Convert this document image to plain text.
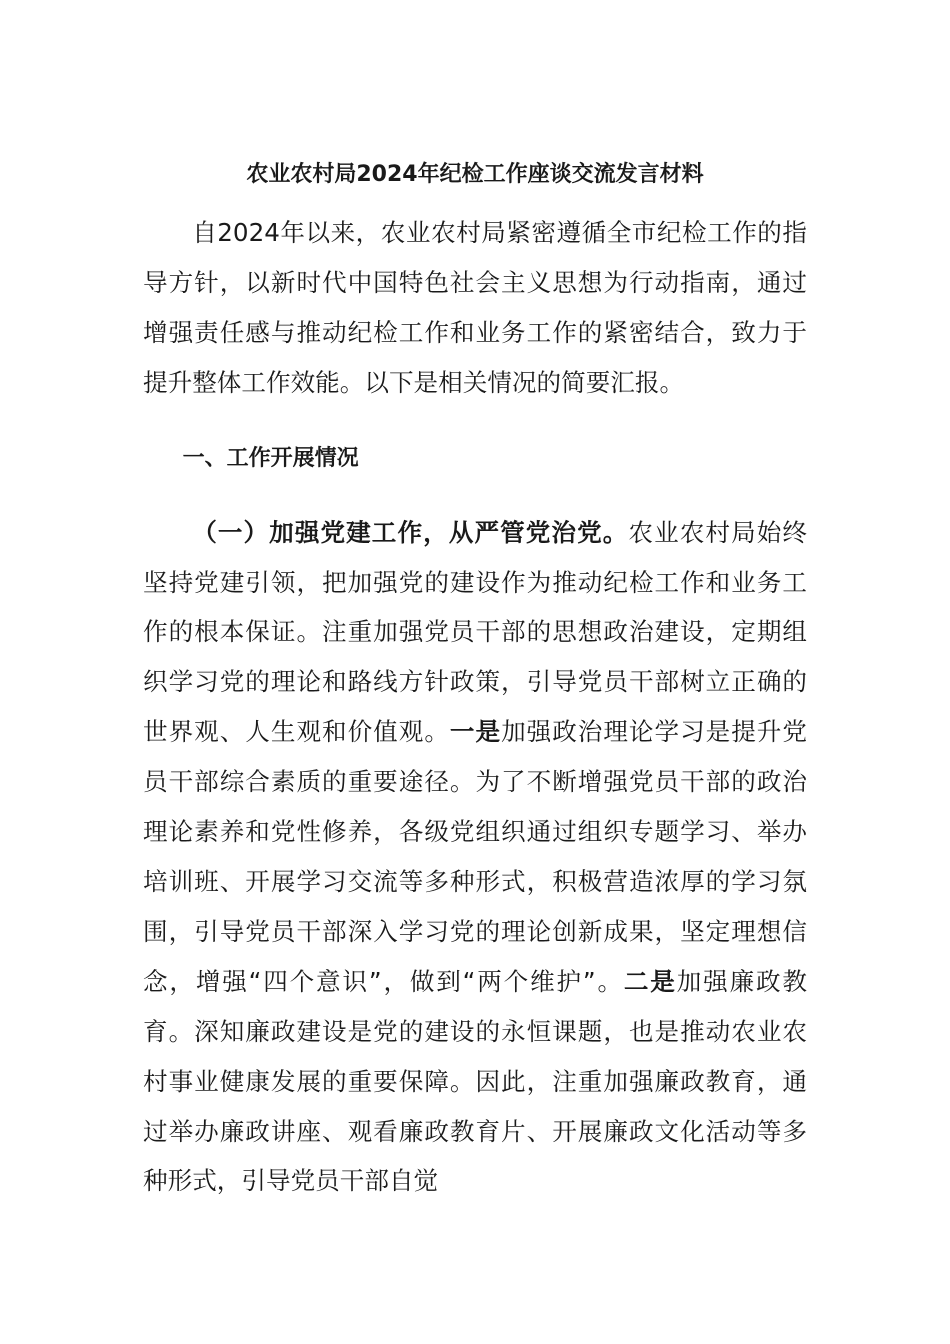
农业农村局2024年纪检工作座谈交流发言材料

自2024年以来，农业农村局紧密遵循全市纪检工作的指导方针，以新时代中国特色社会主义思想为行动指南，通过增强责任感与推动纪检工作和业务工作的紧密结合，致力于提升整体工作效能。以下是相关情况的简要汇报。

一、工作开展情况

（一）加强党建工作，从严管党治党。农业农村局始终坚持党建引领，把加强党的建设作为推动纪检工作和业务工作的根本保证。注重加强党员干部的思想政治建设，定期组织学习党的理论和路线方针政策，引导党员干部树立正确的世界观、人生观和价值观。一是加强政治理论学习是提升党员干部综合素质的重要途径。为了不断增强党员干部的政治理论素养和党性修养，各级党组织通过组织专题学习、举办培训班、开展学习交流等多种形式，积极营造浓厚的学习氛围，引导党员干部深入学习党的理论创新成果，坚定理想信念，增强“四个意识”，做到“两个维护”。二是加强廉政教育。深知廉政建设是党的建设的永恒课题，也是推动农业农村事业健康发展的重要保障。因此，注重加强廉政教育，通过举办廉政讲座、观看廉政教育片、开展廉政文化活动等多种形式，引导党员干部自觉
